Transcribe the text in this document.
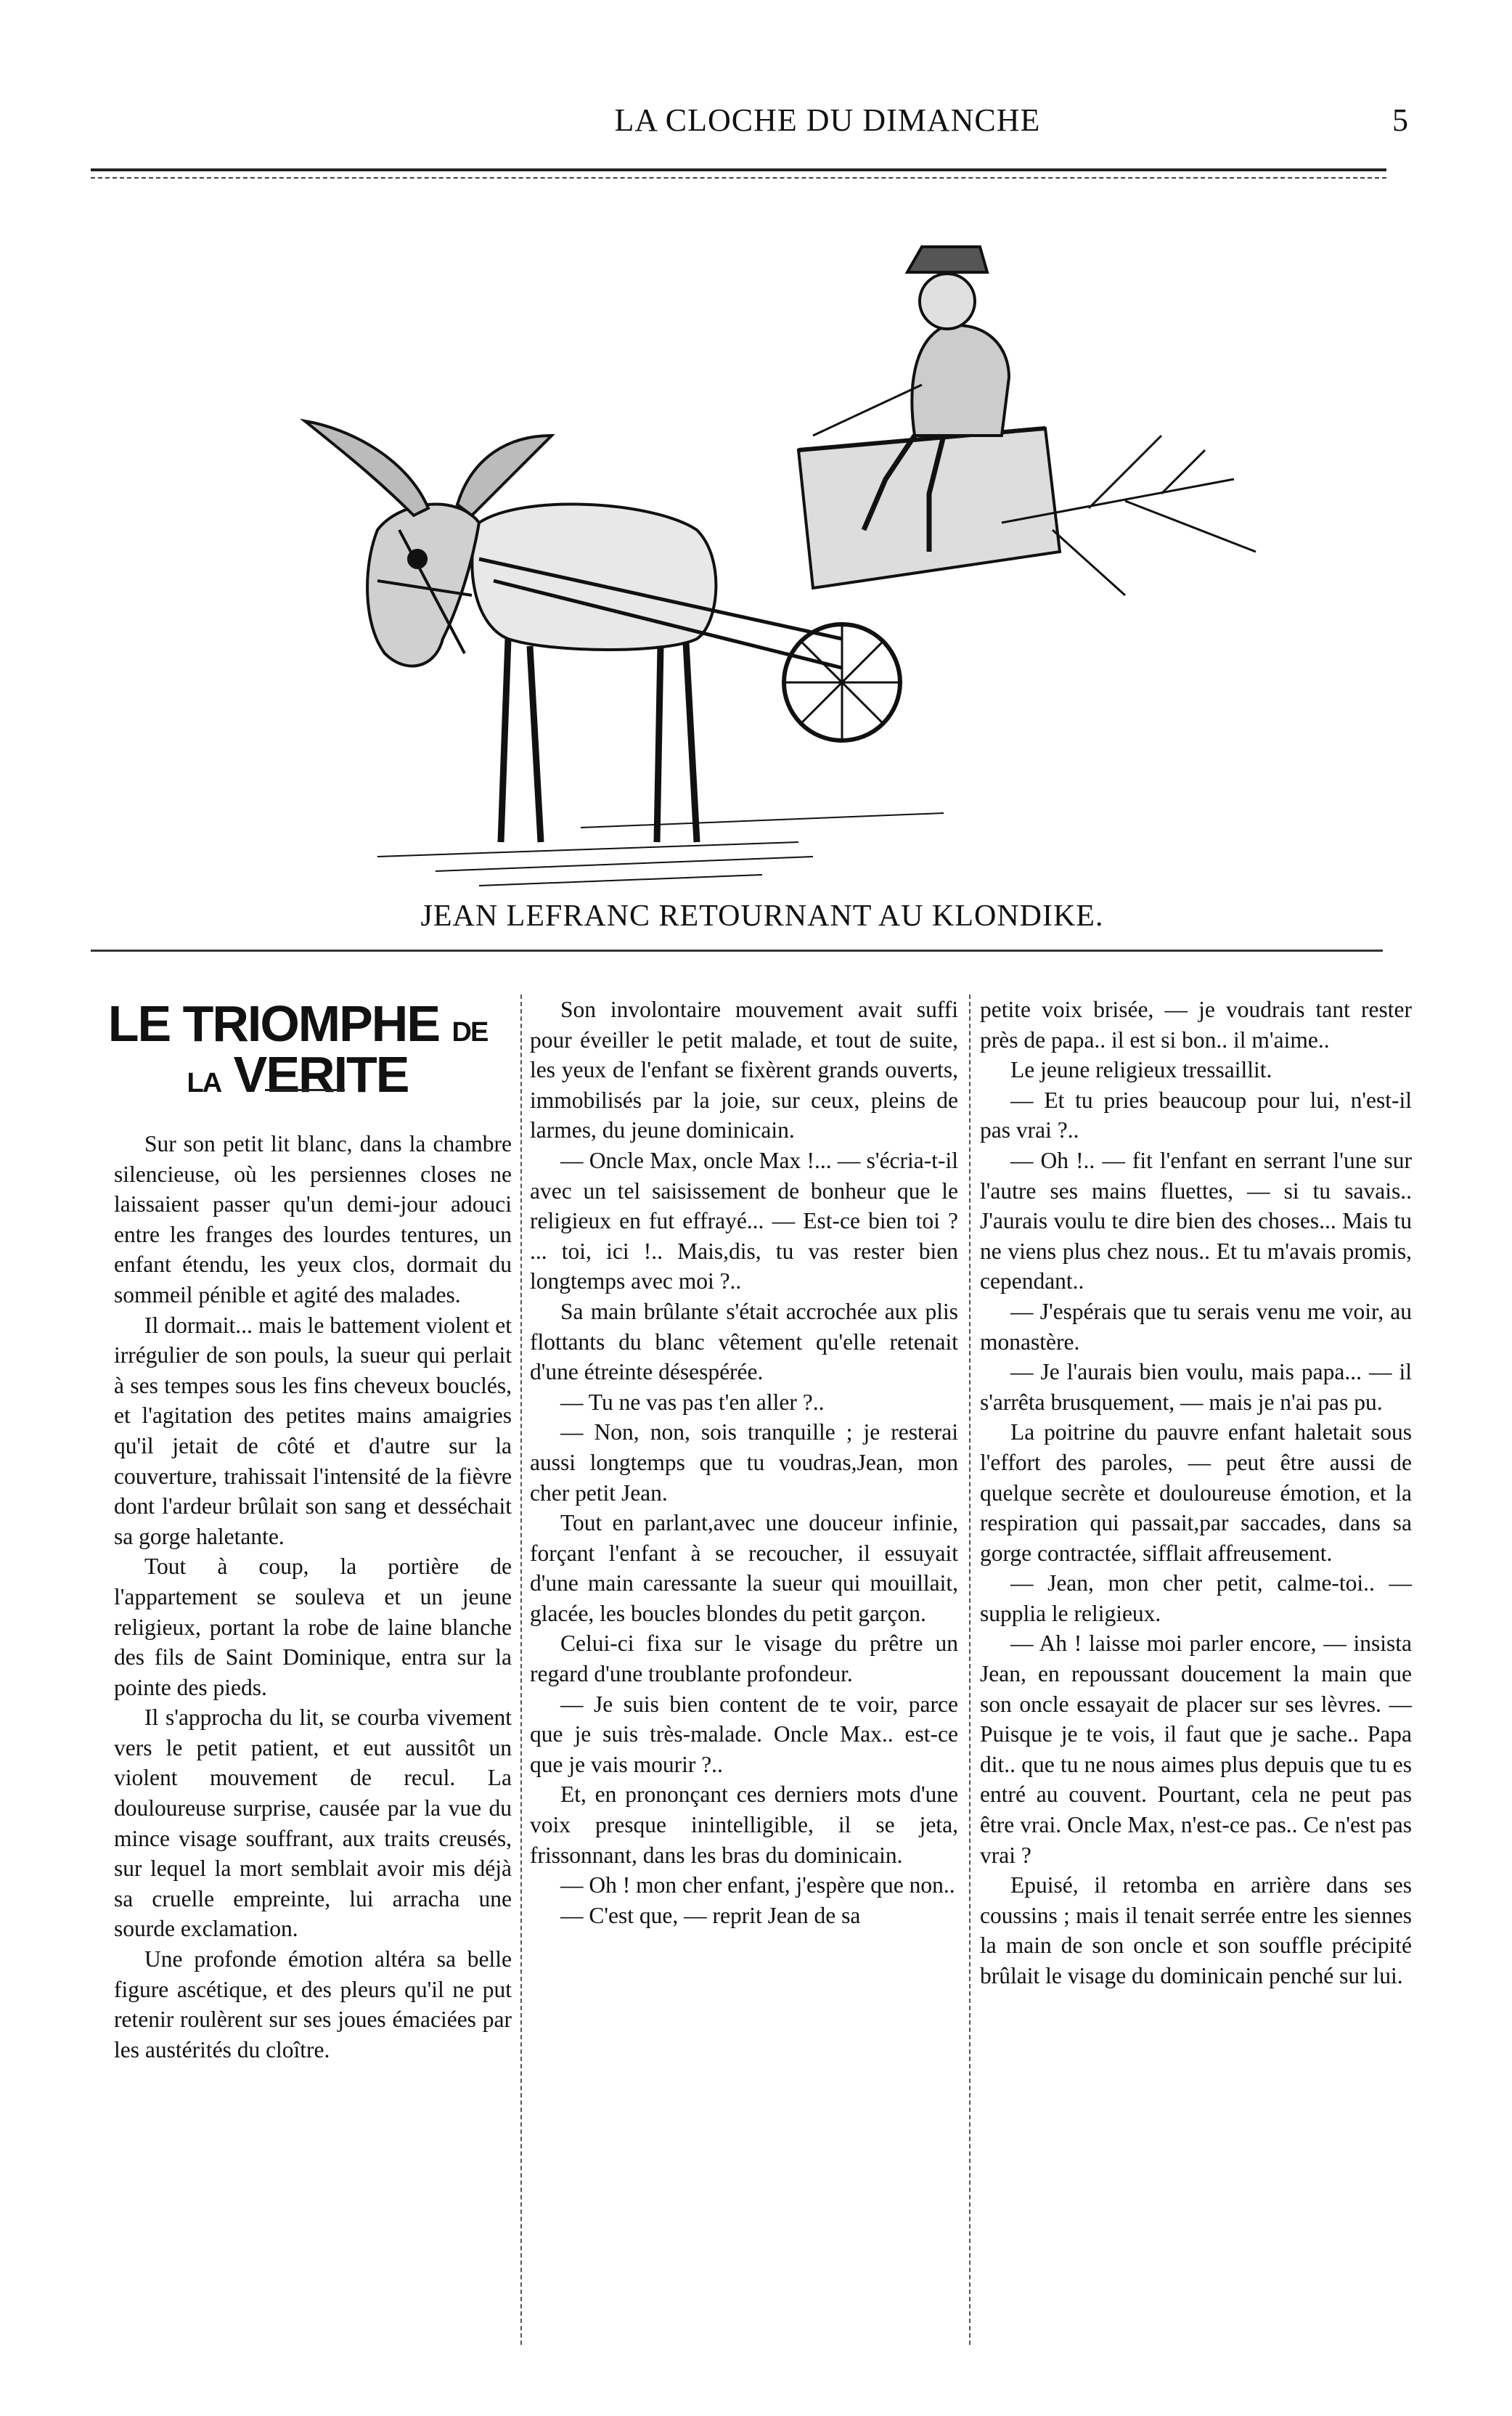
LA CLOCHE DU DIMANCHE	5
JEAN LEFRANC RETOURNANT AU KLONDIKE.
LE TRIOMPHE DE LA VERITE

Sur son petit lit blanc, dans la chambre silencieuse, où les persiennes closes ne laissaient passer qu'un demi-jour adouci entre les franges des lourdes tentures, un enfant étendu, les yeux clos, dormait du sommeil pénible et agité des malades.

Il dormait... mais le battement violent et irrégulier de son pouls, la sueur qui perlait à ses tempes sous les fins cheveux bouclés, et l'agitation des petites mains amaigries qu'il jetait de côté et d'autre sur la couverture, trahissait l'intensité de la fièvre dont l'ardeur brûlait son sang et desséchait sa gorge haletante.

Tout à coup, la portière de l'appartement se souleva et un jeune religieux, portant la robe de laine blanche des fils de Saint Dominique, entra sur la pointe des pieds.

Il s'approcha du lit, se courba vivement vers le petit patient, et eut aussitôt un violent mouvement de recul. La douloureuse surprise, causée par la vue du mince visage souffrant, aux traits creusés, sur lequel la mort semblait avoir mis déjà sa cruelle empreinte, lui arracha une sourde exclamation.

Une profonde émotion altéra sa belle figure ascétique, et des pleurs qu'il ne put retenir roulèrent sur ses joues émaciées par les austérités du cloître.

Son involontaire mouvement avait suffi pour éveiller le petit malade, et tout de suite, les yeux de l'enfant se fixèrent grands ouverts, immobilisés par la joie, sur ceux, pleins de larmes, du jeune dominicain.

— Oncle Max, oncle Max !... — s'écria-t-il avec un tel saisissement de bonheur que le religieux en fut effrayé... — Est-ce bien toi ? ... toi, ici !.. Mais,dis, tu vas rester bien longtemps avec moi ?..

Sa main brûlante s'était accrochée aux plis flottants du blanc vêtement qu'elle retenait d'une étreinte désespérée.

— Tu ne vas pas t'en aller ?..

— Non, non, sois tranquille ; je resterai aussi longtemps que tu voudras,Jean, mon cher petit Jean.

Tout en parlant,avec une douceur infinie, forçant l'enfant à se recoucher, il essuyait d'une main caressante la sueur qui mouillait, glacée, les boucles blondes du petit garçon.

Celui-ci fixa sur le visage du prêtre un regard d'une troublante profondeur.

— Je suis bien content de te voir, parce que je suis très-malade. Oncle Max.. est-ce que je vais mourir ?..

Et, en prononçant ces derniers mots d'une voix presque inintelligible, il se jeta, frissonnant, dans les bras du dominicain.

— Oh ! mon cher enfant, j'espère que non..

— C'est que, — reprit Jean de sa

petite voix brisée, — je voudrais tant rester près de papa.. il est si bon.. il m'aime..

Le jeune religieux tressaillit.

— Et tu pries beaucoup pour lui, n'est-il pas vrai ?..

— Oh !.. — fit l'enfant en serrant l'une sur l'autre ses mains fluettes, — si tu savais.. J'aurais voulu te dire bien des choses... Mais tu ne viens plus chez nous.. Et tu m'avais promis, cependant..

— J'espérais que tu serais venu me voir, au monastère.

— Je l'aurais bien voulu, mais papa... — il s'arrêta brusquement, — mais je n'ai pas pu.

La poitrine du pauvre enfant haletait sous l'effort des paroles, — peut être aussi de quelque secrète et douloureuse émotion, et la respiration qui passait,par saccades, dans sa gorge contractée, sifflait affreusement.

— Jean, mon cher petit, calme-toi.. — supplia le religieux.

— Ah ! laisse moi parler encore, — insista Jean, en repoussant doucement la main que son oncle essayait de placer sur ses lèvres. — Puisque je te vois, il faut que je sache.. Papa dit.. que tu ne nous aimes plus depuis que tu es entré au couvent. Pourtant, cela ne peut pas être vrai. Oncle Max, n'est-ce pas.. Ce n'est pas vrai ?

Epuisé, il retomba en arrière dans ses coussins ; mais il tenait serrée entre les siennes la main de son oncle et son souffle précipité brûlait le visage du dominicain penché sur lui.
